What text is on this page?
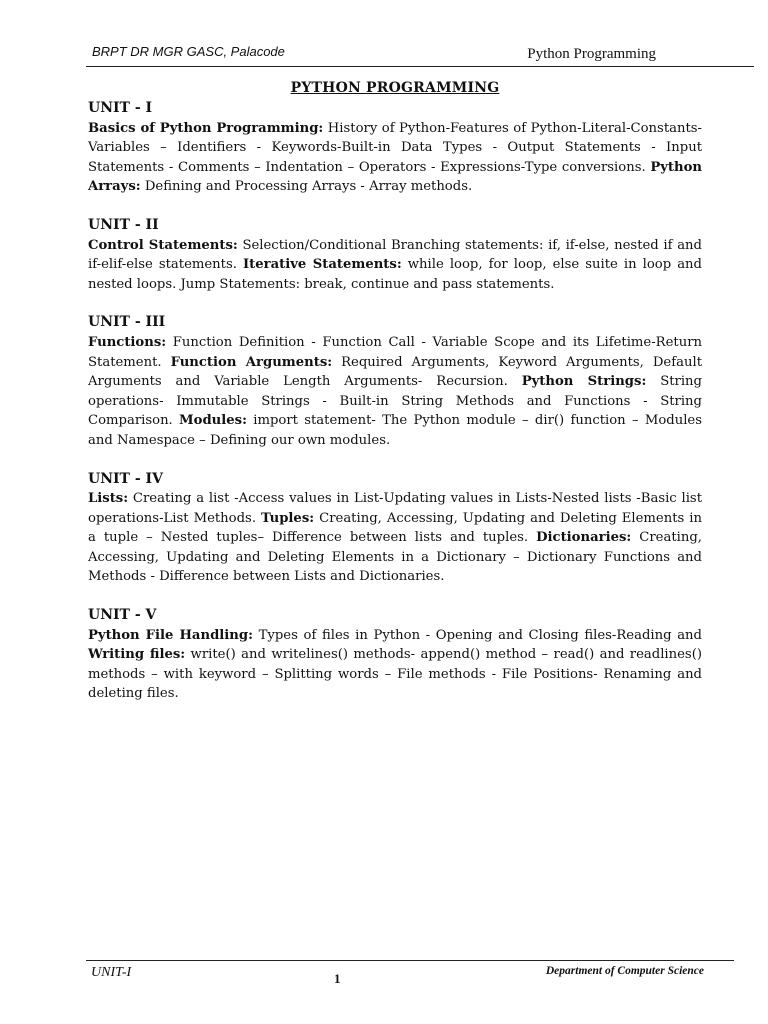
BRPT DR MGR GASC, Palacode	Python Programming
PYTHON PROGRAMMING

UNIT - I

Basics of Python Programming: History of Python-Features of Python-Literal-Constants-Variables – Identifiers - Keywords-Built-in Data Types - Output Statements - Input Statements - Comments – Indentation – Operators - Expressions-Type conversions. Python Arrays: Defining and Processing Arrays - Array methods.

UNIT - II

Control Statements: Selection/Conditional Branching statements: if, if-else, nested if and if-elif-else statements. Iterative Statements: while loop, for loop, else suite in loop and nested loops. Jump Statements: break, continue and pass statements.

UNIT - III

Functions: Function Definition - Function Call - Variable Scope and its Lifetime-Return Statement. Function Arguments: Required Arguments, Keyword Arguments, Default Arguments and Variable Length Arguments- Recursion. Python Strings: String operations- Immutable Strings - Built-in String Methods and Functions - String Comparison. Modules: import statement- The Python module – dir() function – Modules and Namespace – Defining our own modules.

UNIT - IV

Lists: Creating a list -Access values in List-Updating values in Lists-Nested lists -Basic list operations-List Methods. Tuples: Creating, Accessing, Updating and Deleting Elements in a tuple – Nested tuples– Difference between lists and tuples. Dictionaries: Creating, Accessing, Updating and Deleting Elements in a Dictionary – Dictionary Functions and Methods - Difference between Lists and Dictionaries.

UNIT - V

Python File Handling: Types of files in Python - Opening and Closing files-Reading and Writing files: write() and writelines() methods- append() method – read() and readlines() methods – with keyword – Splitting words – File methods - File Positions- Renaming and deleting files.

UNIT-I	1	Department of Computer Science
